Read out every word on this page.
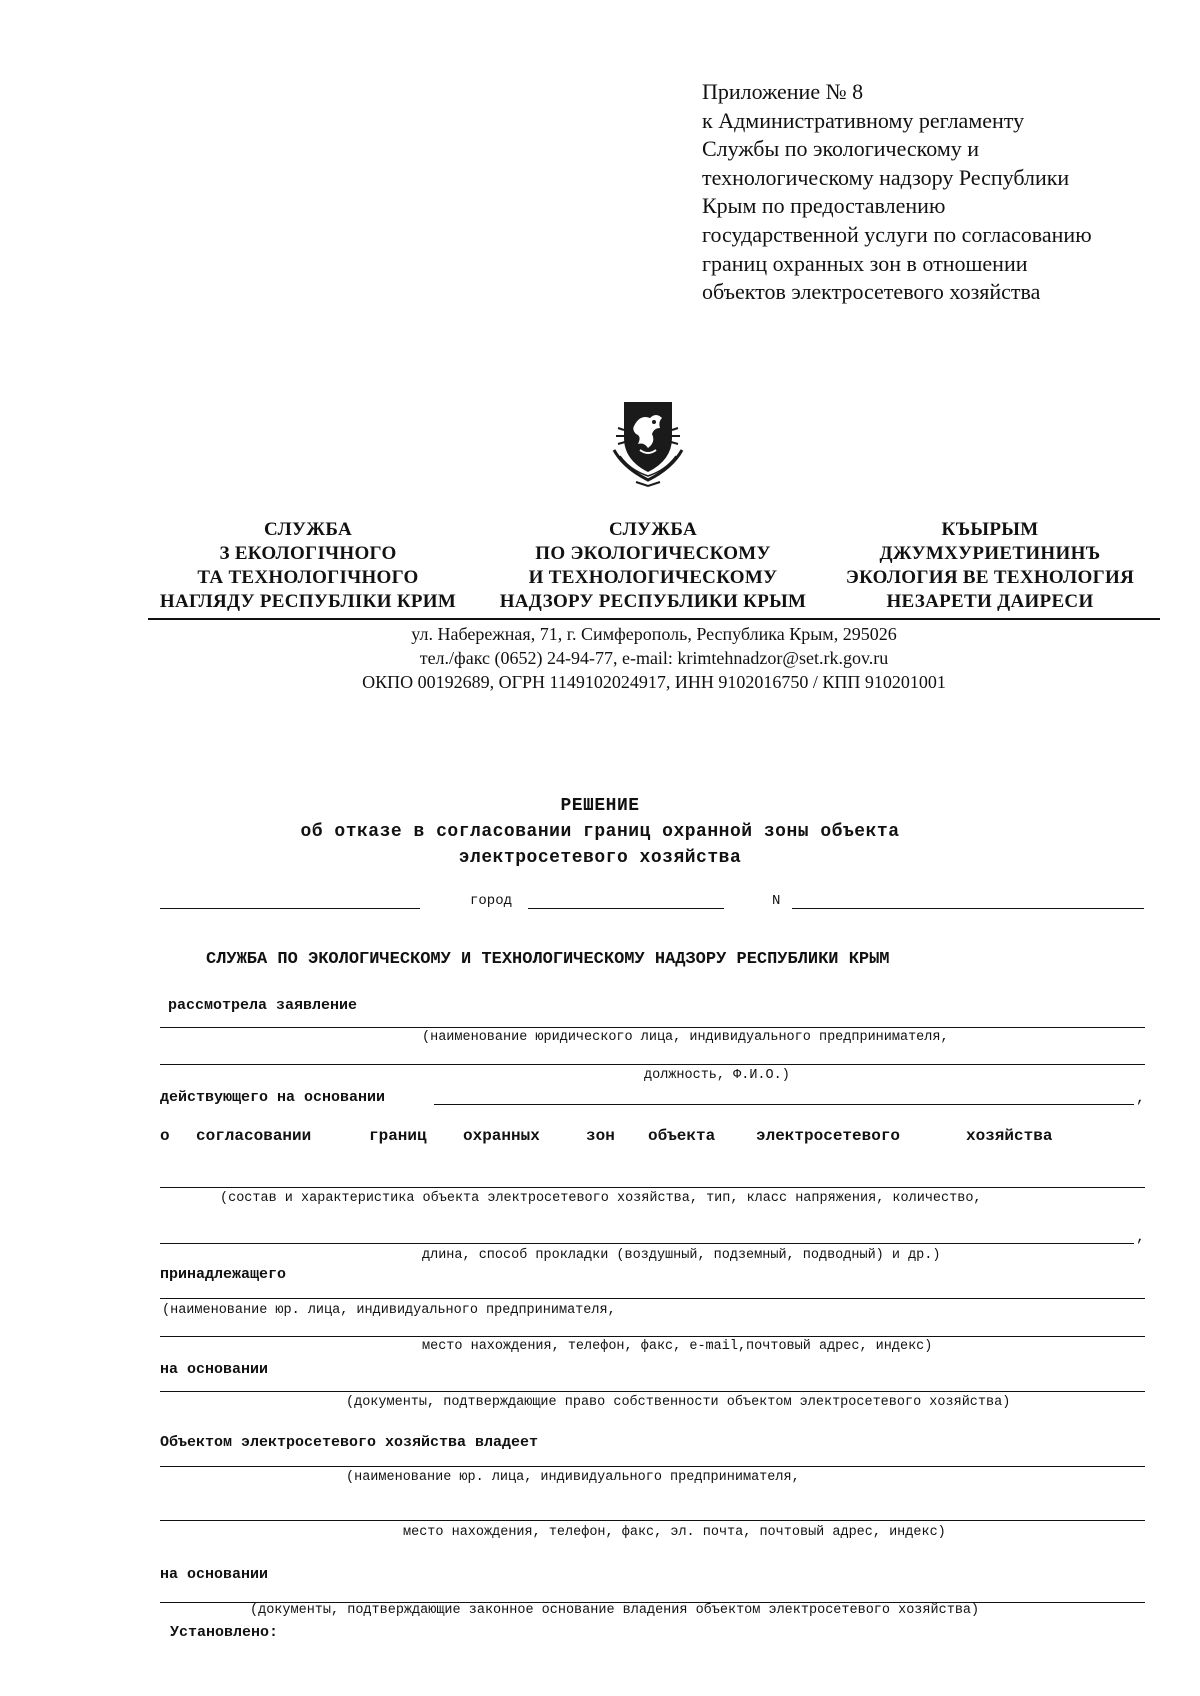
Приложение № 8
к Административному регламенту
Службы по экологическому и
технологическому надзору Республики
Крым по предоставлению
государственной услуги по согласованию
границ охранных зон в отношении
объектов электросетевого хозяйства
СЛУЖБА
З ЕКОЛОГІЧНОГО
ТА ТЕХНОЛОГІЧНОГО
НАГЛЯДУ РЕСПУБЛІКИ КРИМ
СЛУЖБА
ПО ЭКОЛОГИЧЕСКОМУ
И ТЕХНОЛОГИЧЕСКОМУ
НАДЗОРУ РЕСПУБЛИКИ КРЫМ
КЪЫРЫМ
ДЖУМХУРИЕТИНИНЪ
ЭКОЛОГИЯ ВЕ ТЕХНОЛОГИЯ
НЕЗАРЕТИ ДАИРЕСИ
ул. Набережная, 71, г. Симферополь, Республика Крым, 295026
тел./факс (0652) 24-94-77, e-mail: krimtehnadzor@set.rk.gov.ru
ОКПО 00192689, ОГРН 1149102024917, ИНН 9102016750 / КПП 910201001
РЕШЕНИЕ
об отказе в согласовании границ охранной зоны объекта
электросетевого хозяйства
город	N
СЛУЖБА ПО ЭКОЛОГИЧЕСКОМУ И ТЕХНОЛОГИЧЕСКОМУ НАДЗОРУ РЕСПУБЛИКИ КРЫМ
рассмотрела заявление
(наименование юридического лица, индивидуального предпринимателя,
должность, Ф.И.О.)
действующего на основании	,
о согласовании	границ охранных	зон объекта	электросетевого	хозяйства
(состав и характеристика объекта электросетевого хозяйства, тип, класс напряжения, количество,
,
длина, способ прокладки (воздушный, подземный, подводный) и др.)
принадлежащего
(наименование юр. лица, индивидуального предпринимателя,
место нахождения, телефон, факс, e-mail,почтовый адрес, индекс)
на основании
(документы, подтверждающие право собственности объектом электросетевого хозяйства)
Объектом электросетевого хозяйства владеет
(наименование юр. лица, индивидуального предпринимателя,
место нахождения, телефон, факс, эл. почта, почтовый адрес, индекс)
на основании
(документы, подтверждающие законное основание владения объектом электросетевого хозяйства)
Установлено:
